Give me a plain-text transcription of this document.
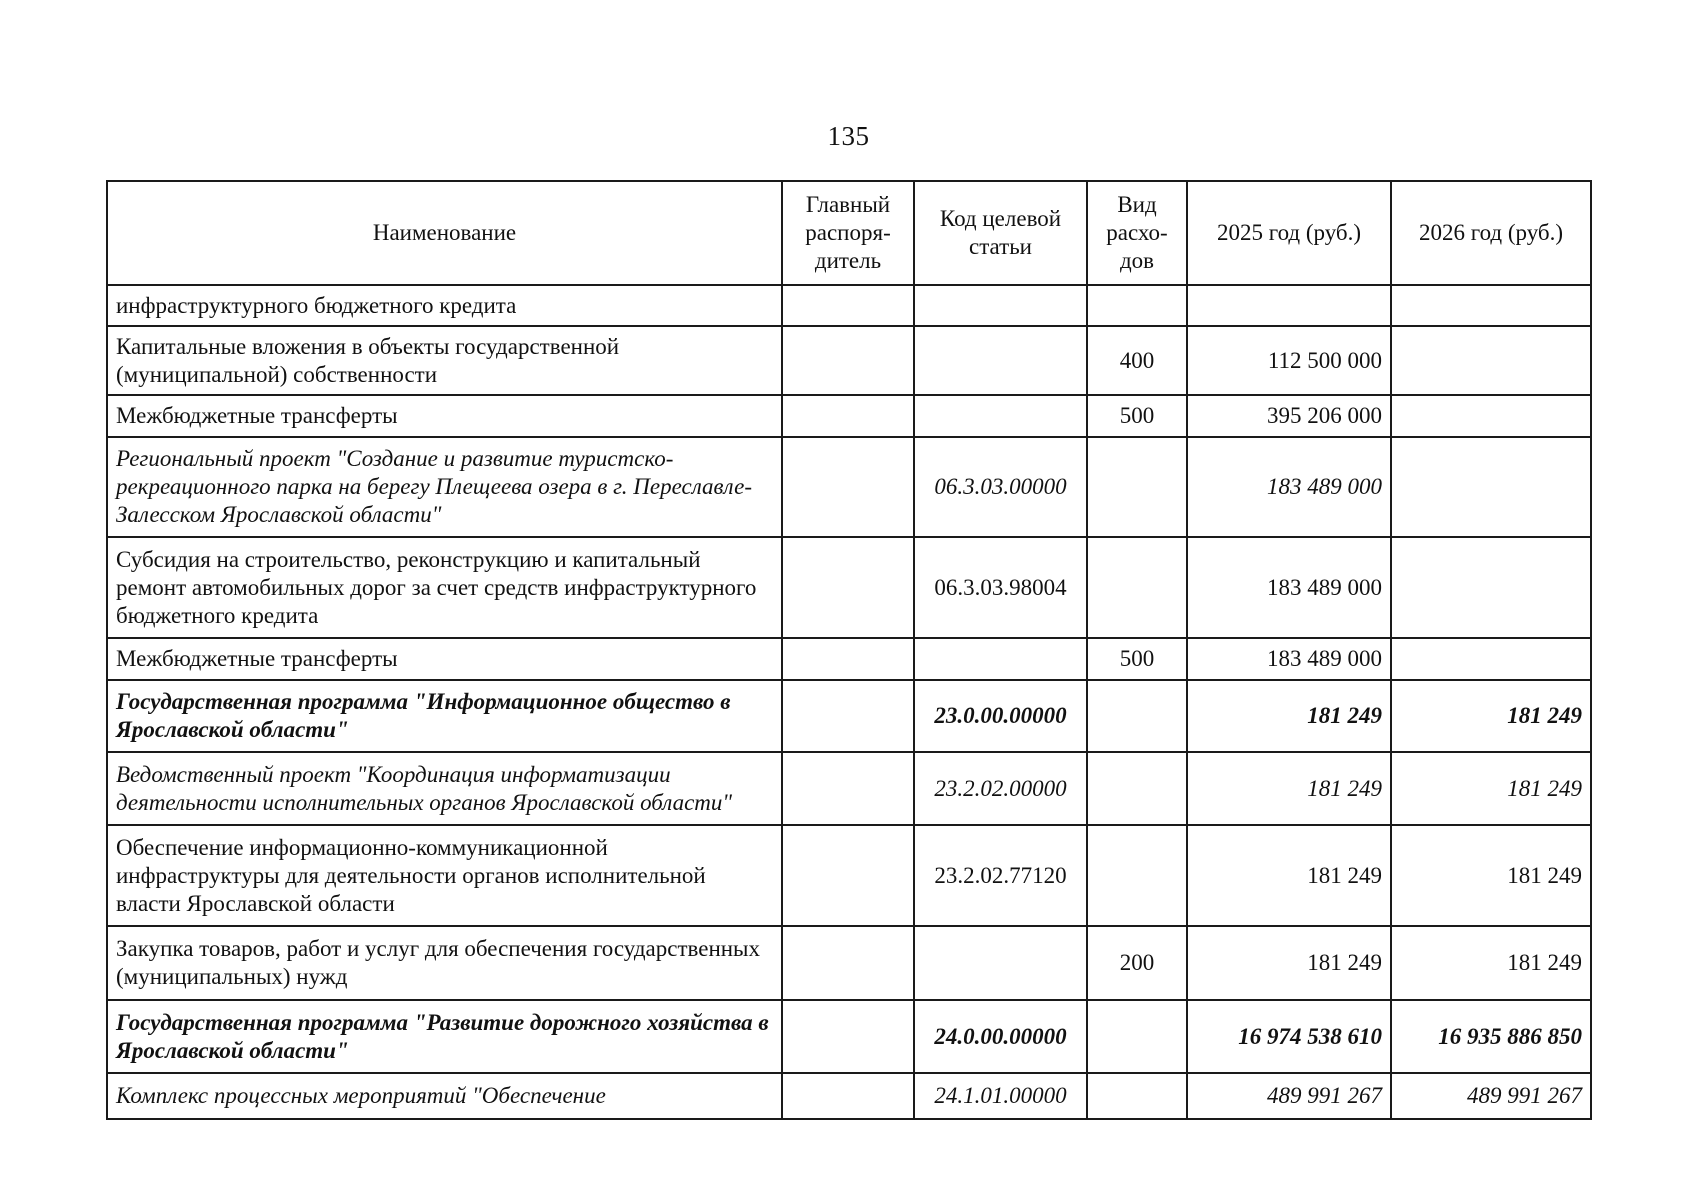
135
Наименование	Главный распоря-дитель	Код целевой статьи	Вид расхо-дов	2025 год (руб.)	2026 год (руб.)
инфраструктурного бюджетного кредита					
Капитальные вложения в объекты государственной (муниципальной) собственности			400	112 500 000	
Межбюджетные трансферты			500	395 206 000	
Региональный проект "Создание и развитие туристско-рекреационного парка на берегу Плещеева озера в г. Переславле-Залесском Ярославской области"		06.3.03.00000		183 489 000	
Субсидия на строительство, реконструкцию и капитальный ремонт автомобильных дорог за счет средств инфраструктурного бюджетного кредита		06.3.03.98004		183 489 000	
Межбюджетные трансферты			500	183 489 000	
Государственная программа "Информационное общество в Ярославской области"		23.0.00.00000		181 249	181 249
Ведомственный проект "Координация информатизации деятельности исполнительных органов Ярославской области"		23.2.02.00000		181 249	181 249
Обеспечение информационно-коммуникационной инфраструктуры для деятельности органов исполнительной власти Ярославской области		23.2.02.77120		181 249	181 249
Закупка товаров, работ и услуг для обеспечения государственных (муниципальных) нужд			200	181 249	181 249
Государственная программа "Развитие дорожного хозяйства в Ярославской области"		24.0.00.00000		16 974 538 610	16 935 886 850
Комплекс процессных мероприятий "Обеспечение		24.1.01.00000		489 991 267	489 991 267
